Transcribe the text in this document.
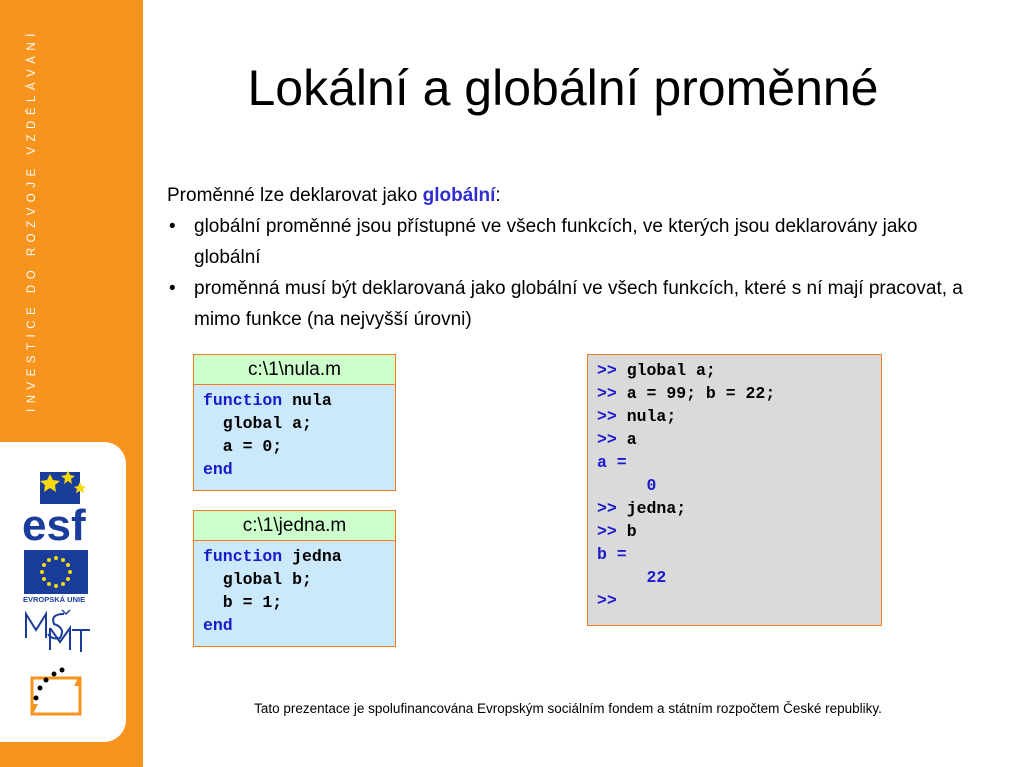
INVESTICE DO ROZVOJE VZDĚLÁVÁNÍ
esf
EVROPSKÁ UNIE
Lokální a globální proměnné

Proměnné lze deklarovat jako globální:

• globální proměnné jsou přístupné ve všech funkcích, ve kterých jsou deklarovány jako globální
• proměnná musí být deklarovaná jako globální ve všech funkcích, které s ní mají pracovat, a mimo funkce (na nejvyšší úrovni)
c:\1\nula.m
function nula
global a;
a = 0;
end
c:\1\jedna.m
function jedna
global b;
b = 1;
end
>> global a;
>> a = 99; b = 22;
>> nula;
>> a
a =
0
>> jedna;
>> b
b =
22
>>
Tato prezentace je spolufinancována Evropským sociálním fondem a státním rozpočtem České republiky.
